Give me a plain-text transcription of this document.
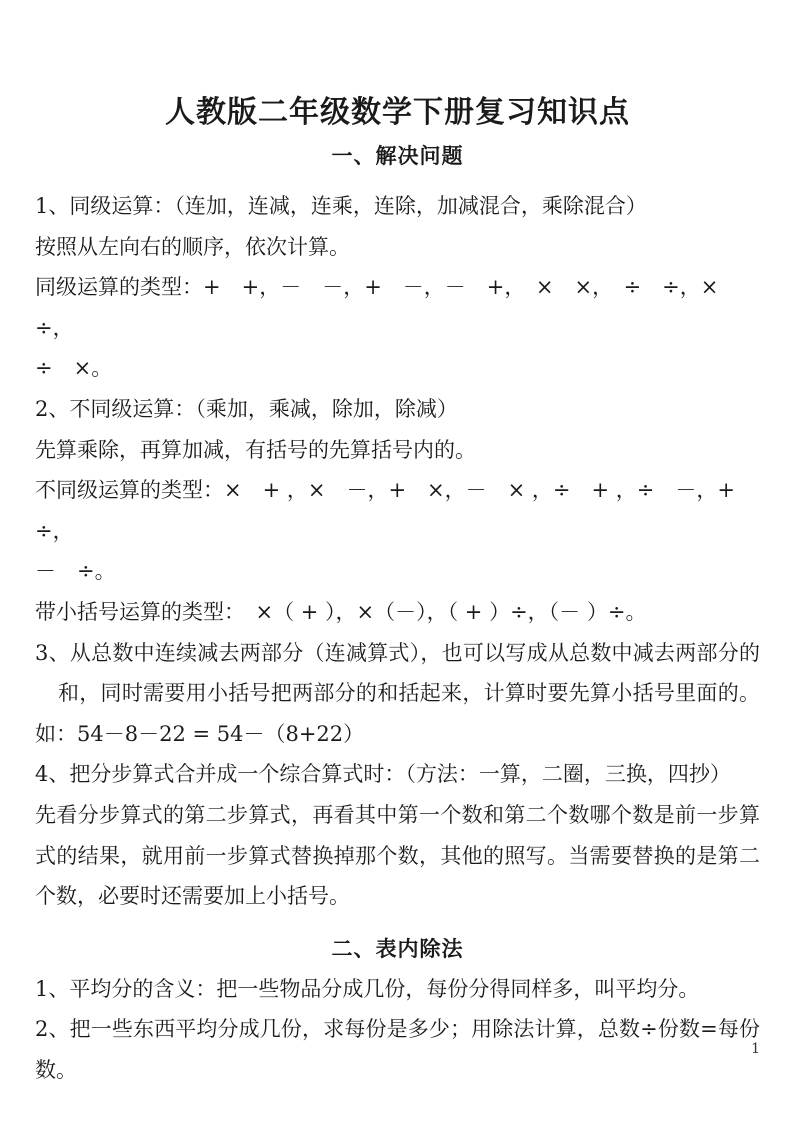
人教版二年级数学下册复习知识点
一、解决问题

1、同级运算：（连加，连减，连乘，连除，加减混合，乘除混合）

按照从左向右的顺序，依次计算。

同级运算的类型：+　+，－　－，+　－，－　+，　×　×，　÷　÷，×　÷，

÷　×。

2、不同级运算：（乘加，乘减，除加，除减）

先算乘除，再算加减，有括号的先算括号内的。

不同级运算的类型：×　+ ，×　－，+　×，－　× ，÷　+ ，÷　－，+　÷，

－　÷。

带小括号运算的类型：　×（ + ），×（－），（ + ）÷，（－ ）÷。

3、从总数中连续减去两部分（连减算式），也可以写成从总数中减去两部分的

和，同时需要用小括号把两部分的和括起来，计算时要先算小括号里面的。

如：54－8－22 = 54－（8+22）

4、把分步算式合并成一个综合算式时：（方法：一算，二圈，三换，四抄）

先看分步算式的第二步算式，再看其中第一个数和第二个数哪个数是前一步算

式的结果，就用前一步算式替换掉那个数，其他的照写。当需要替换的是第二

个数，必要时还需要加上小括号。

二、表内除法

1、平均分的含义：把一些物品分成几份，每份分得同样多，叫平均分。

2、把一些东西平均分成几份，求每份是多少；用除法计算，总数÷份数=每份

数。

1
